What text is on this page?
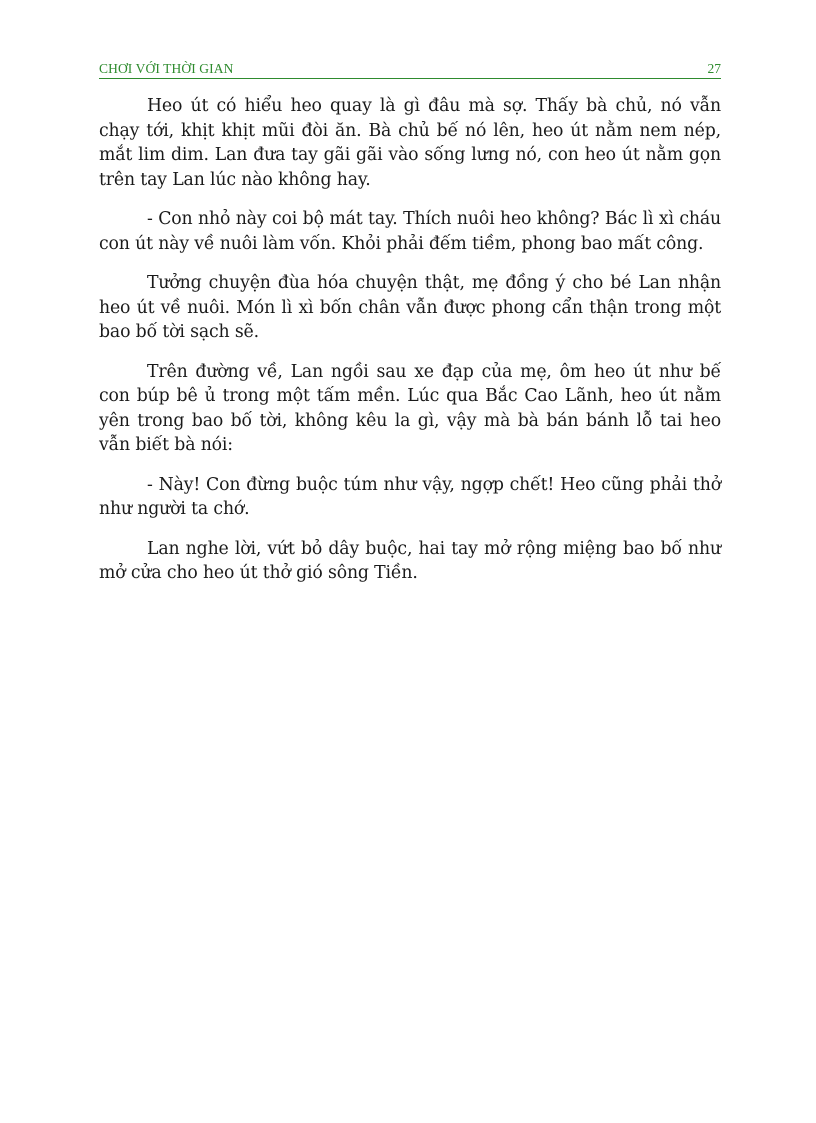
CHƠI VỚI THỜI GIAN	27

Heo út có hiểu heo quay là gì đâu mà sợ. Thấy bà chủ, nó vẫn chạy tới, khịt khịt mũi đòi ăn. Bà chủ bế nó lên, heo út nằm nem nép, mắt lim dim. Lan đưa tay gãi gãi vào sống lưng nó, con heo út nằm gọn trên tay Lan lúc nào không hay.

- Con nhỏ này coi bộ mát tay. Thích nuôi heo không? Bác lì xì cháu con út này về nuôi làm vốn. Khỏi phải đếm tiềm, phong bao mất công.

Tưởng chuyện đùa hóa chuyện thật, mẹ đồng ý cho bé Lan nhận heo út về nuôi. Món lì xì bốn chân vẫn được phong cẩn thận trong một bao bố tời sạch sẽ.

Trên đường về, Lan ngồi sau xe đạp của mẹ, ôm heo út như bế con búp bê ủ trong một tấm mền. Lúc qua Bắc Cao Lãnh, heo út nằm yên trong bao bố tời, không kêu la gì, vậy mà bà bán bánh lỗ tai heo vẫn biết bà nói:

- Này! Con đừng buộc túm như vậy, ngợp chết! Heo cũng phải thở như người ta chớ.

Lan nghe lời, vứt bỏ dây buộc, hai tay mở rộng miệng bao bố như mở cửa cho heo út thở gió sông Tiền.
